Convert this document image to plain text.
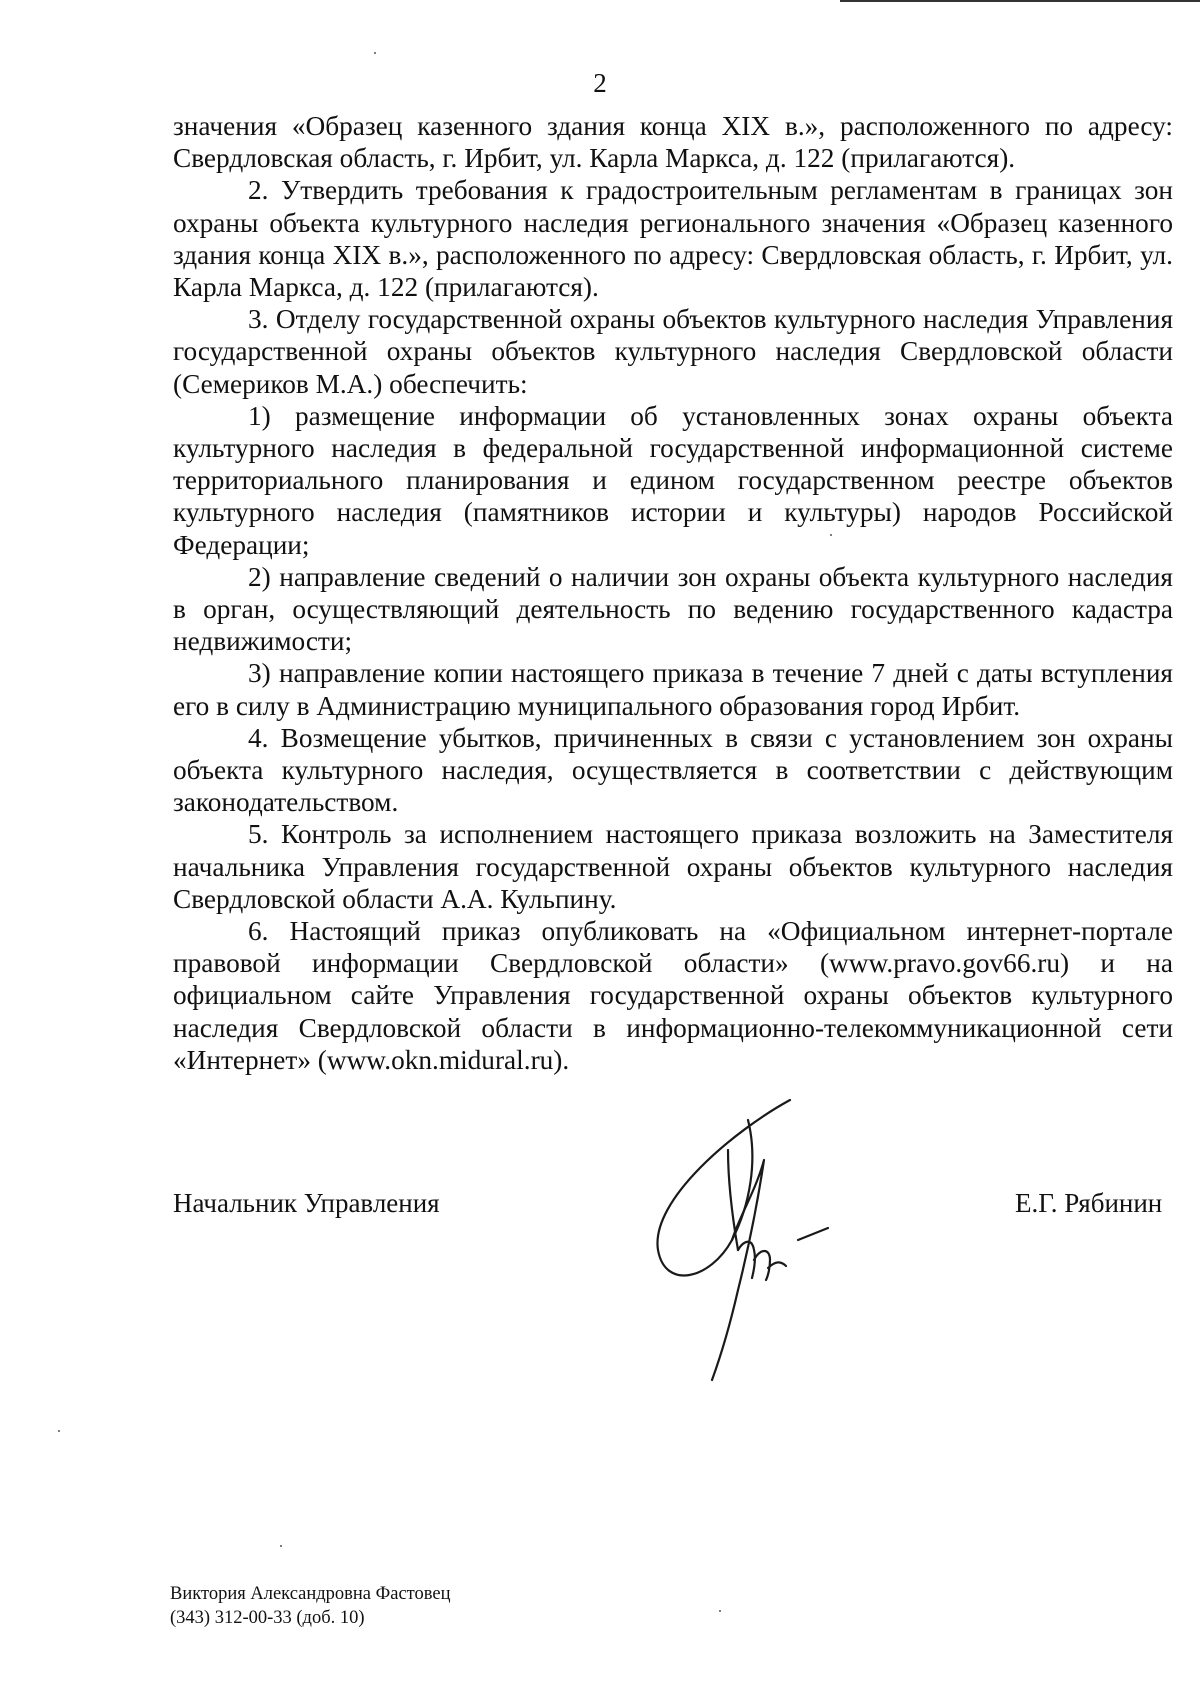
2

значения «Образец казенного здания конца XIX в.», расположенного по адресу: Свердловская область, г. Ирбит, ул. Карла Маркса, д. 122 (прилагаются).

2. Утвердить требования к градостроительным регламентам в границах зон охраны объекта культурного наследия регионального значения «Образец казенного здания конца XIX в.», расположенного по адресу: Свердловская область, г. Ирбит, ул. Карла Маркса, д. 122 (прилагаются).

3. Отделу государственной охраны объектов культурного наследия Управления государственной охраны объектов культурного наследия Свердловской области (Семериков М.А.) обеспечить:

1) размещение информации об установленных зонах охраны объекта культурного наследия в федеральной государственной информационной системе территориального планирования и едином государственном реестре объектов культурного наследия (памятников истории и культуры) народов Российской Федерации;

2) направление сведений о наличии зон охраны объекта культурного наследия в орган, осуществляющий деятельность по ведению государственного кадастра недвижимости;

3) направление копии настоящего приказа в течение 7 дней с даты вступления его в силу в Администрацию муниципального образования город Ирбит.

4. Возмещение убытков, причиненных в связи с установлением зон охраны объекта культурного наследия, осуществляется в соответствии с действующим законодательством.

5. Контроль за исполнением настоящего приказа возложить на Заместителя начальника Управления государственной охраны объектов культурного наследия Свердловской области А.А. Кульпину.

6. Настоящий приказ опубликовать на «Официальном интернет-портале правовой информации Свердловской области» (www.pravo.gov66.ru) и на официальном сайте Управления государственной охраны объектов культурного наследия Свердловской области в информационно-телекоммуникационной сети «Интернет» (www.okn.midural.ru).

Начальник Управления	Е.Г. Рябинин
Виктория Александровна Фастовец
(343) 312-00-33 (доб. 10)
